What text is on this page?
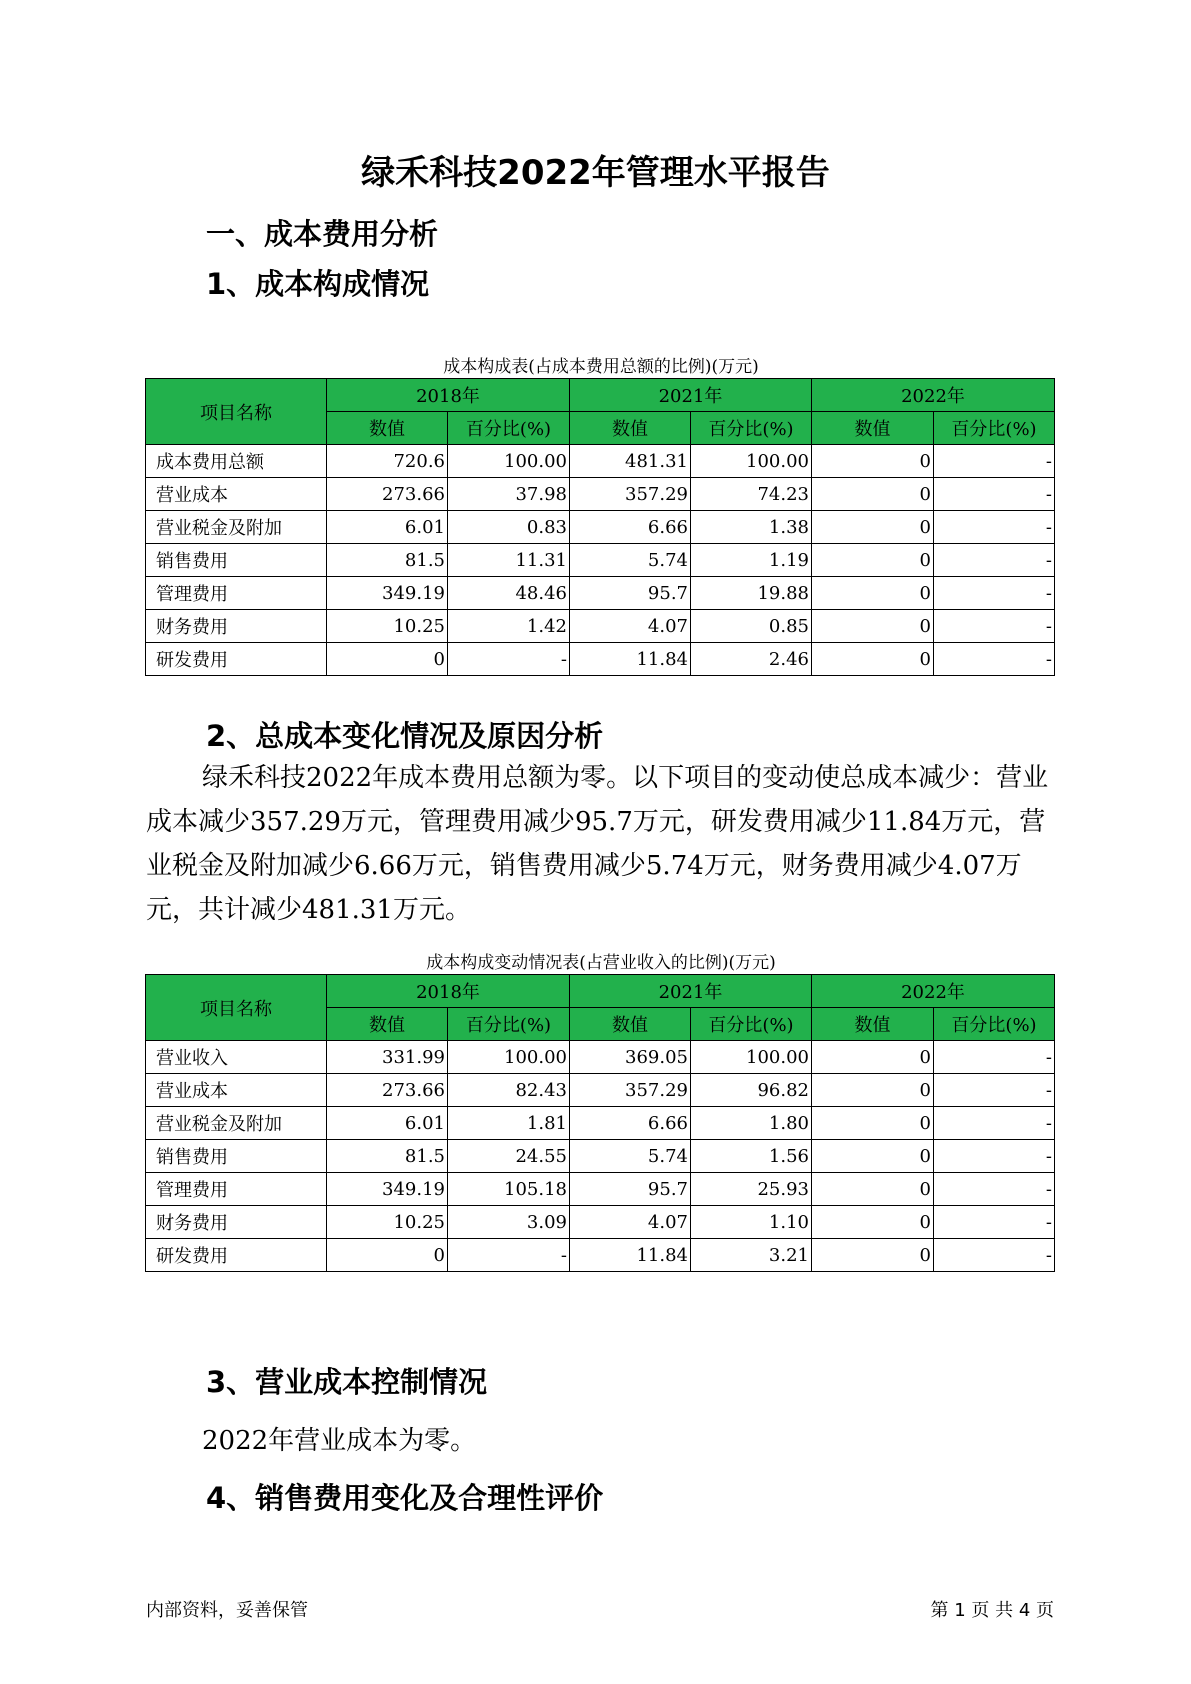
绿禾科技2022年管理水平报告
一、成本费用分析
1、成本构成情况
成本构成表(占成本费用总额的比例)(万元)
项目名称	2018年		2021年		2022年	
	数值	百分比(%)	数值	百分比(%)	数值	百分比(%)
成本费用总额	720.6	100.00	481.31	100.00	0	-
营业成本	273.66	37.98	357.29	74.23	0	-
营业税金及附加	6.01	0.83	6.66	1.38	0	-
销售费用	81.5	11.31	5.74	1.19	0	-
管理费用	349.19	48.46	95.7	19.88	0	-
财务费用	10.25	1.42	4.07	0.85	0	-
研发费用	0	-	11.84	2.46	0	-
2、总成本变化情况及原因分析
绿禾科技2022年成本费用总额为零。以下项目的变动使总成本减少：营业成本减少357.29万元，管理费用减少95.7万元，研发费用减少11.84万元，营业税金及附加减少6.66万元，销售费用减少5.74万元，财务费用减少4.07万元，共计减少481.31万元。
成本构成变动情况表(占营业收入的比例)(万元)
项目名称	2018年		2021年		2022年	
	数值	百分比(%)	数值	百分比(%)	数值	百分比(%)
营业收入	331.99	100.00	369.05	100.00	0	-
营业成本	273.66	82.43	357.29	96.82	0	-
营业税金及附加	6.01	1.81	6.66	1.80	0	-
销售费用	81.5	24.55	5.74	1.56	0	-
管理费用	349.19	105.18	95.7	25.93	0	-
财务费用	10.25	3.09	4.07	1.10	0	-
研发费用	0	-	11.84	3.21	0	-
3、营业成本控制情况
2022年营业成本为零。
4、销售费用变化及合理性评价
内部资料，妥善保管	第 1 页 共 4 页
